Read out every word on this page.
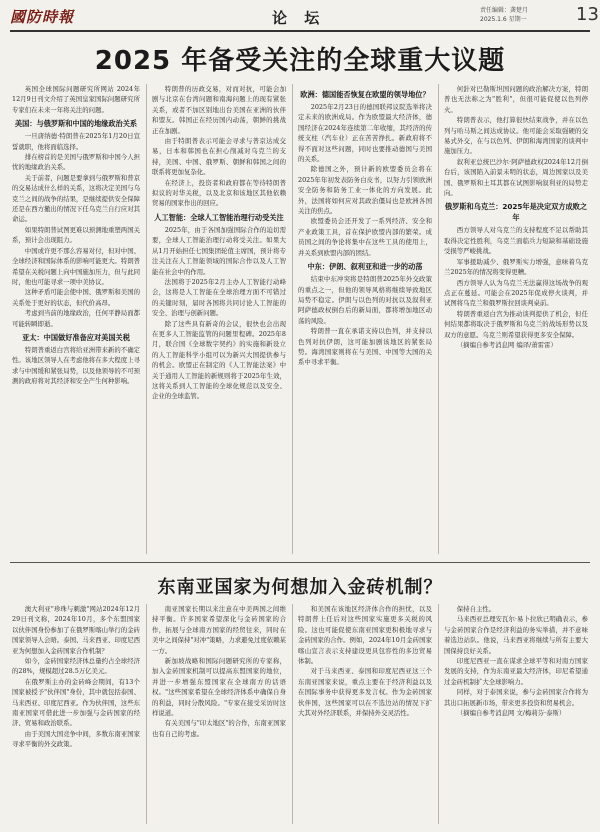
國防時報	论 坛	责任编辑：龚楚月
2025.1.6 星期一	13
2025 年备受关注的全球重大议题

英国全球国际问题研究所网站 2024年12月9日刊文介绍了英国皇家国际问题研究所专家们在未来一年将关注的问题。

美国：与俄罗斯和中国的地缘政治关系

一旦唐纳德·特朗普在2025年1月20日宣誓就职，他将面临选择。

排在榜首的是美国与俄罗斯和中国今人担忧的地缘政治关系。

关于前者，问题是要拿到与俄罗斯和普京的交易达成什么样的关系，这将决定美国与乌克兰之间的战争的结果，是继续提供安全保障还是在西方撤出的情况下任乌克兰自行应对其命运。

如果特朗普试图更难以预测地重塑两国关系，预计会出现阻力。

中国或许更不那么容易对付，但对中国、全球经济和国际体系的影响可能更大。特朗普希望在关税问题上向中国施加压力，但与此同时，他也可能寻求一项中美协议。

这种矛盾可能会使中国、俄罗斯和美国的关系处于更好的状态，但代价高昂。

考虑到当前的地缘政治，任何平静局面都可能转瞬即逝。

亚太：中国做好准备应对美国关税

特朗普重返白宫将给亚洲带来新的不确定性。该地区领导人在考虑他将在多大程度上寻求与中国缓和紧张局势，以及他领导的不可预测的政府将对其经济和安全产生何种影响。

特朗普的历政交易，对而对抗，可能会加剧与北京在台湾问题和南海问题上的现有紧张关系，或者不加区别地出台美国在亚洲的伙伴和盟友。韩国正在经历国内动荡，朝鲜的挑战正在加剧。

由于特朗普表示可能会寻求与普京达成交易，日本和韩国也在担心削减对乌克兰的支持，美国、中国、俄罗斯、朝鲜和韩国之间的联系将更加复杂化。

在经济上，投资者和政府都在等待特朗普拟议的对华关税，以及北京和该地区其他依赖贸易的国家作出的回应。

人工智能：全球人工智能治理行动受关注

2025年，由于各国加强国际合作的迫切需要，全球人工智能治理行动将受关注。如果大从1月开始担任七国集团轮值主席国，预计将专注关注在人工智能领域的国际合作以及人工智能在社会中的作用。

法国将于2025年2月主办人工智能行动峰会，这将是人工智能在全球治理方面不可错过的关键时刻，届时各国将共同讨论人工智能的安全、治理与创新问题。

除了这些具有新奇的会议，很快也会出现在更多人工智能监管的问题里程碑。2025年8月，联合国《全球数字契约》的实施和新设立的人工智能科学小组可以为新兴大国提供参与的机会。欧盟正在制定的《人工智能法案》中关于通用人工智能的新规则将于2025年生效，这将关系到人工智能的全球化规范以及安全、企业的全球监管。

欧洲：德国能否恢复在欧盟的领导地位？

2025年2月23日的德国联邦议院选举将决定未来的欧洲成局。作为欧盟最大经济体，德国经济在2024年连续第二年收缩，其经济的传统支柱（汽车业）正在苦苦挣扎。新政府将不得不面对这些问题，同时也要推动德国与美国的关系。

除德国之外，预计新的欧盟委员会将在2025年年初发表防务白皮书，以努力引领欧洲安全防务和防务工业一体化的方向发展。此外，法国将如何应对其政治僵局也是欧洲各国关注的焦点。

欧盟委员会还开发了一系列经济、安全和产业政策工具，首在保护欧盟内部的繁荣。成员国之间的争论将集中在这些工具的使用上，并关系到欧盟内部的团结。

中东：伊朗、叙利亚和进一步的动荡

结束中东冲突将是特朗普2025年外交政策的重点之一，但他的领导风格将继续导致地区局势不稳定。伊朗与以色列的对抗以及叙利亚阿萨德政权倒台后的新局面，都将增加地区动荡的风险。

特朗普一直在承诺支持以色列，并支持以色列对抗伊朗，这可能加剧该地区的紧张局势。海湾国家则将在与美国、中国等大国的关系中寻求平衡。

何針对巴勒斯坦国问题的政治解决方案，特朗普也无法称之为"胜利"，但很可能促使以色列停火。

特朗普表示，他打算很快结束战争，并在以色列与哈马斯之间达成协议。他可能会采取强硬的交易式外交，在与以色列、伊朗和海湾国家的谈判中施加压力。

叙利亚总统巴沙尔·阿萨德政权2024年12月倒台后，该国陷入前景未明的状态，周边国家以及美国、俄罗斯和土耳其都在试图影响叙利亚的局势走向。

俄罗斯和乌克兰：2025年是决定双方成败之年

西方领导人对乌克兰的支持程度不足以帮助其取得决定性胜利，乌克兰面临兵力短缺和基础设施受损等严峻挑战。

军事援助减少、俄罗斯实力增强，意味着乌克兰2025年的情况将变得更糟。

西方领导人认为乌克兰无法赢得这场战争的观点正在蔓延。可能会在2025年促成停火谈判，并试图将乌克兰和俄罗斯拉回谈判桌前。

特朗普重返白宫为推动谈判提供了机会，但任何结果都将取决于俄罗斯和乌克兰的战场形势以及双方的意愿。乌克兰则希望获得更多安全保障。

（摘编自参考消息网 编译/萧雷雷）

东南亚国家为何想加入金砖机制？

澳大利亚"珍珠与刺激"网站2024年12月29日刊文称，2024年10月，多个东盟国家以伙伴国身份参加了在俄罗斯喀山举行的金砖国家领导人会晤。泰国、马来西亚、印度尼西亚为何想加入金砖国家合作机制？

如今，金砖国家经济体总量约占全球经济的28%，规模超过28.5万亿美元。

在俄罗斯主办的金砖峰会期间，有13个国家被授予"伙伴国"身份，其中就包括泰国、马来西亚、印度尼西亚。作为伙伴国，这些东南亚国家可借此进一步加强与金砖国家的经济、贸易和政治联系。

由于美国大国竞争中间，多数东南亚国家寻求平衡的外交政策。

南亚国家长期以来注意在中美两国之间维持平衡。许多国家希望深化与金砖国家的合作，拓展与全球南方国家的经贸往来，同时在美中之间保持"对冲"策略，力求避免过度依赖某一方。

新加坡战略和国际问题研究所的专家称，加入金砖国家机制可以提高东盟国家的地位，并进一步增强东盟国家在全球南方的话语权。"这些国家希望在全球经济体系中确保自身的利益，同时分散风险。"专家在接受采访时这样说道。

有关美国与"印太地区"的合作，东南亚国家也有自己的考虑。

和美国在该地区经济体合作的担忧，以及特朗普上任后对这些国家实施更多关税的风险。这也可能促使东南亚国家更积极地寻求与金砖国家的合作。例如，2024年10月金砖国家喀山宣言表示支持建设更具包容性的多边贸易体制。

对于马来西亚、泰国和印度尼西亚这三个东南亚国家来说，重点主要在于经济利益以及在国际事务中获得更多发言权。作为金砖国家伙伴国，这些国家可以在不选边站的情况下扩大其对外经济联系，并保持外交灵活性。

保持自主性。

马来西亚总理安瓦尔·易卜拉欣已明确表示，参与金砖国家合作是经济利益的务实举措，并不意味着选边站队。他说，马来西亚将继续与所有主要大国保持良好关系。

印度尼西亚一直在谋求全球平等和对南方国家发展的支持，作为东南亚最大经济体，印尼希望通过金砖机制扩大全球影响力。

同样，对于泰国来说，参与金砖国家合作将为其出口拓展新市场，带来更多投资和贸易机会。

（摘编自参考消息网 文/梅莉芬·泰斯）
